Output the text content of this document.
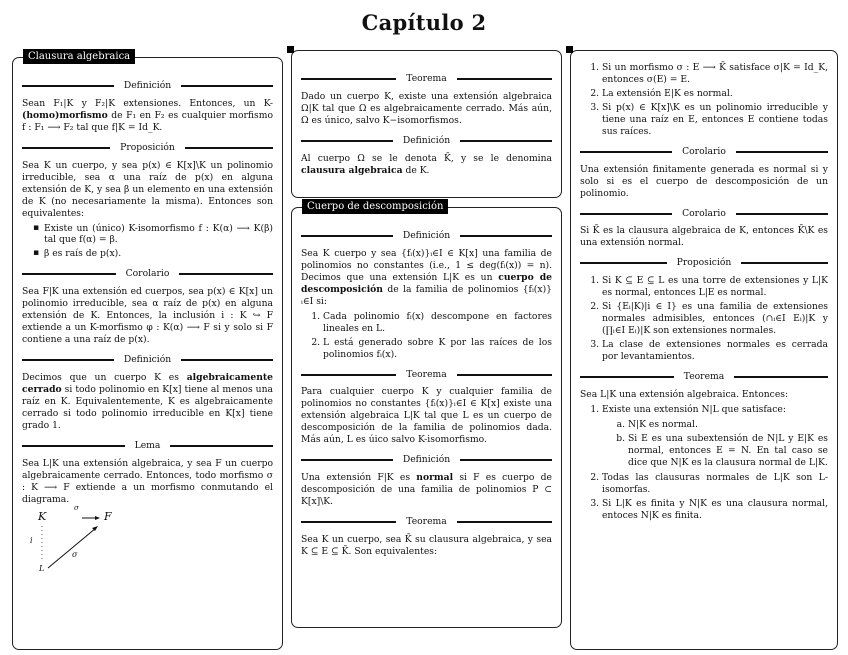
Capítulo 2
Clausura algebraica
Definición

Sean F₁|K y F₂|K extensiones. Entonces, un K- (homo)morfismo de F₁ en F₂ es cualquier morfismo f : F₁ ⟶ F₂ tal que f|K = Id_K.

Proposición

Sea K un cuerpo, y sea p(x) ∈ K[x]\K un polinomio irreducible, sea α una raíz de p(x) en alguna extensión de K, y sea β un elemento en una extensión de K (no necesariamente la misma). Entonces son equivalentes:

▪ Existe un (único) K-isomorfismo f : K(α) ⟶ K(β) tal que f(α) = β.
▪ β es raís de p(x).
Corolario

Sea F|K una extensión ed cuerpos, sea p(x) ∈ K[x] un polinomio irreducible, sea α raíz de p(x) en alguna extensión de K. Entonces, la inclusión i : K ↪ F extiende a un K-morfismo φ : K(α) ⟶ F si y solo si F contiene a una raíz de p(x).

Definición

Decimos que un cuerpo K es algebraicamente cerrado si todo polinomio en K[x] tiene al menos una raíz en K. Equivalentemente, K es algebraicamente cerrado si todo polinomio irreducible en K[x] tiene grado 1.

Lema

Sea L|K una extensión algebraica, y sea F un cuerpo algebraicamente cerrado. Entonces, todo morfismo σ : K ⟶ F extiende a un morfismo conmutando el diagrama.

K
σ
F
i
σ
L
Teorema

Dado un cuerpo K, existe una extensión algebraica Ω|K tal que Ω es algebraicamente cerrado. Más aún, Ω es único, salvo K−isomorfismos.

Definición

Al cuerpo Ω se le denota K̄, y se le denomina clausura algebraica de K.

Cuerpo de descomposición
Definición

Sea K cuerpo y sea {fᵢ(x)}ᵢ∈I ∈ K[x] una familia de polinomios no constantes (i.e., 1 ≤ deg(fᵢ(x)) = n). Decimos que una extensión L|K es un cuerpo de descomposición de la familia de polinomios {fᵢ(x)}ᵢ∈I si:

1. Cada polinomio fᵢ(x) descompone en factores lineales en L.
2. L está generado sobre K por las raíces de los polinomios fᵢ(x).
Teorema

Para cualquier cuerpo K y cualquier familia de polinomios no constantes {fᵢ(x)}ᵢ∈I ∈ K[x] existe una extensión algebraica L|K tal que L es un cuerpo de descomposición de la familia de polinomios dada. Más aún, L es úico salvo K-isomorfismo.

Definición

Una extensión F|K es normal si F es cuerpo de descomposición de una familia de polinomios P ⊂ K[x]\K.

Teorema

Sea K un cuerpo, sea K̄ su clausura algebraica, y sea K ⊆ E ⊆ K̄. Son equivalentes:

1. Si un morfismo σ : E ⟶ K̄ satisface σ|K = Id_K, entonces σ(E) = E.
2. La extensión E|K es normal.
3. Si p(x) ∈ K[x]\K es un polinomio irreducible y tiene una raíz en E, entonces E contiene todas sus raíces.
Corolario

Una extensión finitamente generada es normal si y solo si es el cuerpo de descomposición de un polinomio.

Corolario

Si K̄ es la clausura algebraica de K, entonces K̄\K es una extensión normal.

Proposición
1. Si K ⊆ E ⊆ L es una torre de extensiones y L|K es normal, entonces L|E es normal.
2. Si {Eᵢ|K)|i ∈ I} es una familia de extensiones normales admisibles, entonces (∩ᵢ∈I Eᵢ)|K y (∏ᵢ∈I Eᵢ)|K son extensiones normales.
3. La clase de extensiones normales es cerrada por levantamientos.
Teorema

Sea L|K una extensión algebraica. Entonces:

1. Existe una extensión N|L que satisface:
a. N|K es normal.
b. Si E es una subextensión de N|L y E|K es normal, entonces E = N. En tal caso se dice que N|K es la clausura normal de L|K.
2. Todas las clausuras normales de L|K son L-isomorfas.
3. Si L|K es finita y N|K es una clausura normal, entoces N|K es finita.
